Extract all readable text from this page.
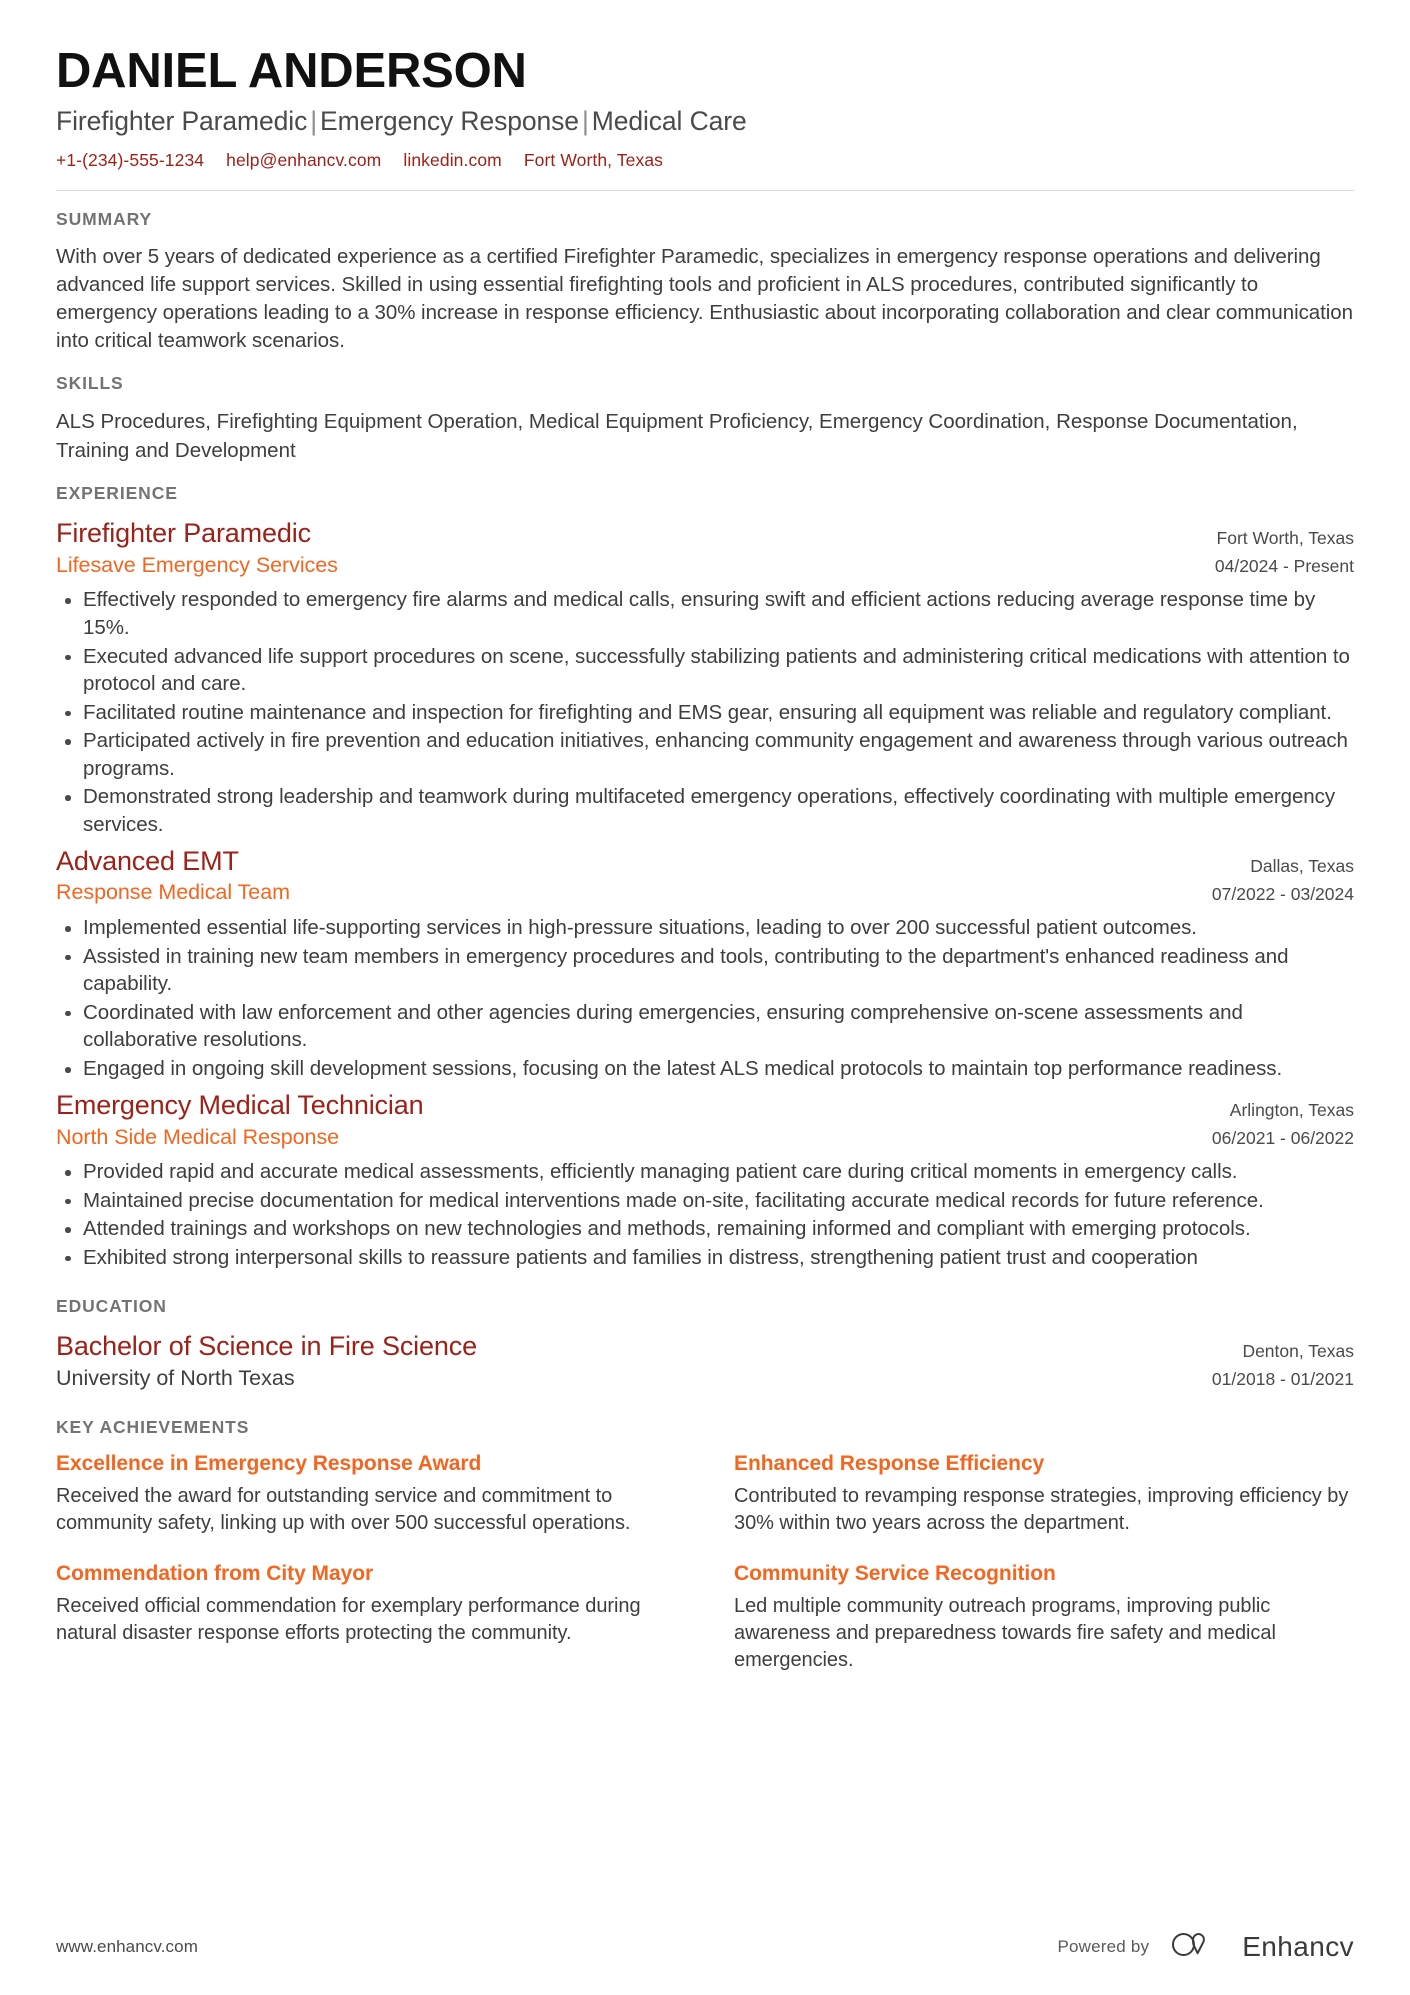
DANIEL ANDERSON
Firefighter Paramedic | Emergency Response | Medical Care
+1-(234)-555-1234 help@enhancv.com linkedin.com Fort Worth, Texas
SUMMARY

With over 5 years of dedicated experience as a certified Firefighter Paramedic, specializes in emergency response operations and delivering advanced life support services. Skilled in using essential firefighting tools and proficient in ALS procedures, contributed significantly to emergency operations leading to a 30% increase in response efficiency. Enthusiastic about incorporating collaboration and clear communication into critical teamwork scenarios.

SKILLS

ALS Procedures, Firefighting Equipment Operation, Medical Equipment Proficiency, Emergency Coordination, Response Documentation, Training and Development

EXPERIENCE
Firefighter Paramedic
Lifesave Emergency Services
Fort Worth, Texas
04/2024 - Present
Effectively responded to emergency fire alarms and medical calls, ensuring swift and efficient actions reducing average response time by 15%.
Executed advanced life support procedures on scene, successfully stabilizing patients and administering critical medications with attention to protocol and care.
Facilitated routine maintenance and inspection for firefighting and EMS gear, ensuring all equipment was reliable and regulatory compliant.
Participated actively in fire prevention and education initiatives, enhancing community engagement and awareness through various outreach programs.
Demonstrated strong leadership and teamwork during multifaceted emergency operations, effectively coordinating with multiple emergency services.
Advanced EMT
Response Medical Team
Dallas, Texas
07/2022 - 03/2024
Implemented essential life-supporting services in high-pressure situations, leading to over 200 successful patient outcomes.
Assisted in training new team members in emergency procedures and tools, contributing to the department's enhanced readiness and capability.
Coordinated with law enforcement and other agencies during emergencies, ensuring comprehensive on-scene assessments and collaborative resolutions.
Engaged in ongoing skill development sessions, focusing on the latest ALS medical protocols to maintain top performance readiness.
Emergency Medical Technician
North Side Medical Response
Arlington, Texas
06/2021 - 06/2022
Provided rapid and accurate medical assessments, efficiently managing patient care during critical moments in emergency calls.
Maintained precise documentation for medical interventions made on-site, facilitating accurate medical records for future reference.
Attended trainings and workshops on new technologies and methods, remaining informed and compliant with emerging protocols.
Exhibited strong interpersonal skills to reassure patients and families in distress, strengthening patient trust and cooperation
EDUCATION
Bachelor of Science in Fire Science
University of North Texas
Denton, Texas
01/2018 - 01/2021
KEY ACHIEVEMENTS
Excellence in Emergency Response Award
Received the award for outstanding service and commitment to community safety, linking up with over 500 successful operations.
Enhanced Response Efficiency
Contributed to revamping response strategies, improving efficiency by 30% within two years across the department.
Commendation from City Mayor
Received official commendation for exemplary performance during natural disaster response efforts protecting the community.
Community Service Recognition
Led multiple community outreach programs, improving public awareness and preparedness towards fire safety and medical emergencies.
www.enhancv.com	Powered by	Enhancv
